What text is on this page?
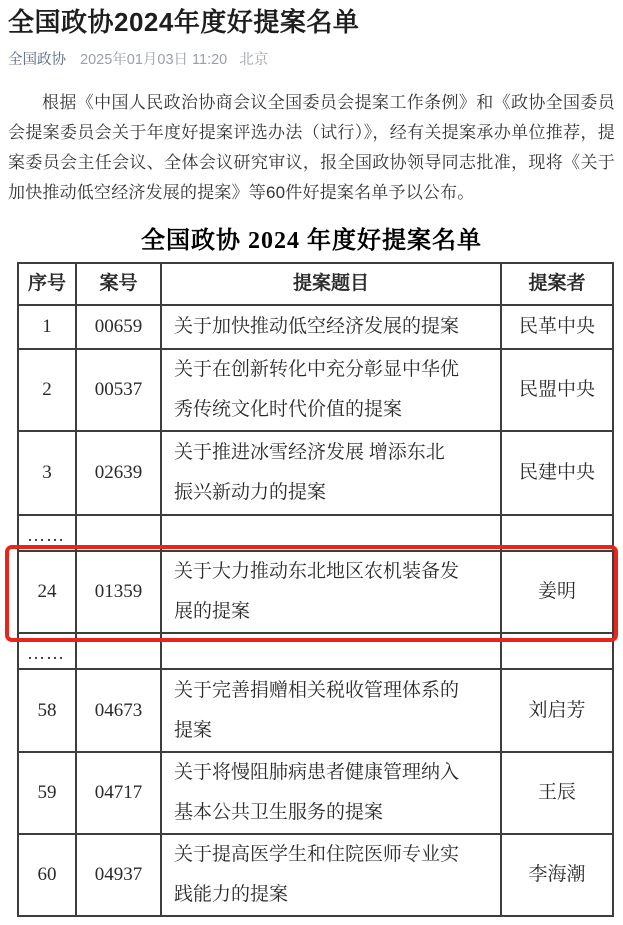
全国政协2024年度好提案名单
全国政协 2025年01月03日 11:20 北京

根据《中国人民政治协商会议全国委员会提案工作条例》和《政协全国委员会提案委员会关于年度好提案评选办法（试行）》，经有关提案承办单位推荐，提案委员会主任会议、全体会议研究审议，报全国政协领导同志批准，现将《关于加快推动低空经济发展的提案》等60件好提案名单予以公布。

全国政协 2024 年度好提案名单
序号	案号	提案题目	提案者
1	00659	关于加快推动低空经济发展的提案	民革中央
2	00537	关于在创新转化中充分彰显中华优秀传统文化时代价值的提案	民盟中央
3	02639	关于推进冰雪经济发展 增添东北振兴新动力的提案	民建中央
……			
24	01359	关于大力推动东北地区农机装备发展的提案	姜明
……			
58	04673	关于完善捐赠相关税收管理体系的提案	刘启芳
59	04717	关于将慢阻肺病患者健康管理纳入基本公共卫生服务的提案	王辰
60	04937	关于提高医学生和住院医师专业实践能力的提案	李海潮
